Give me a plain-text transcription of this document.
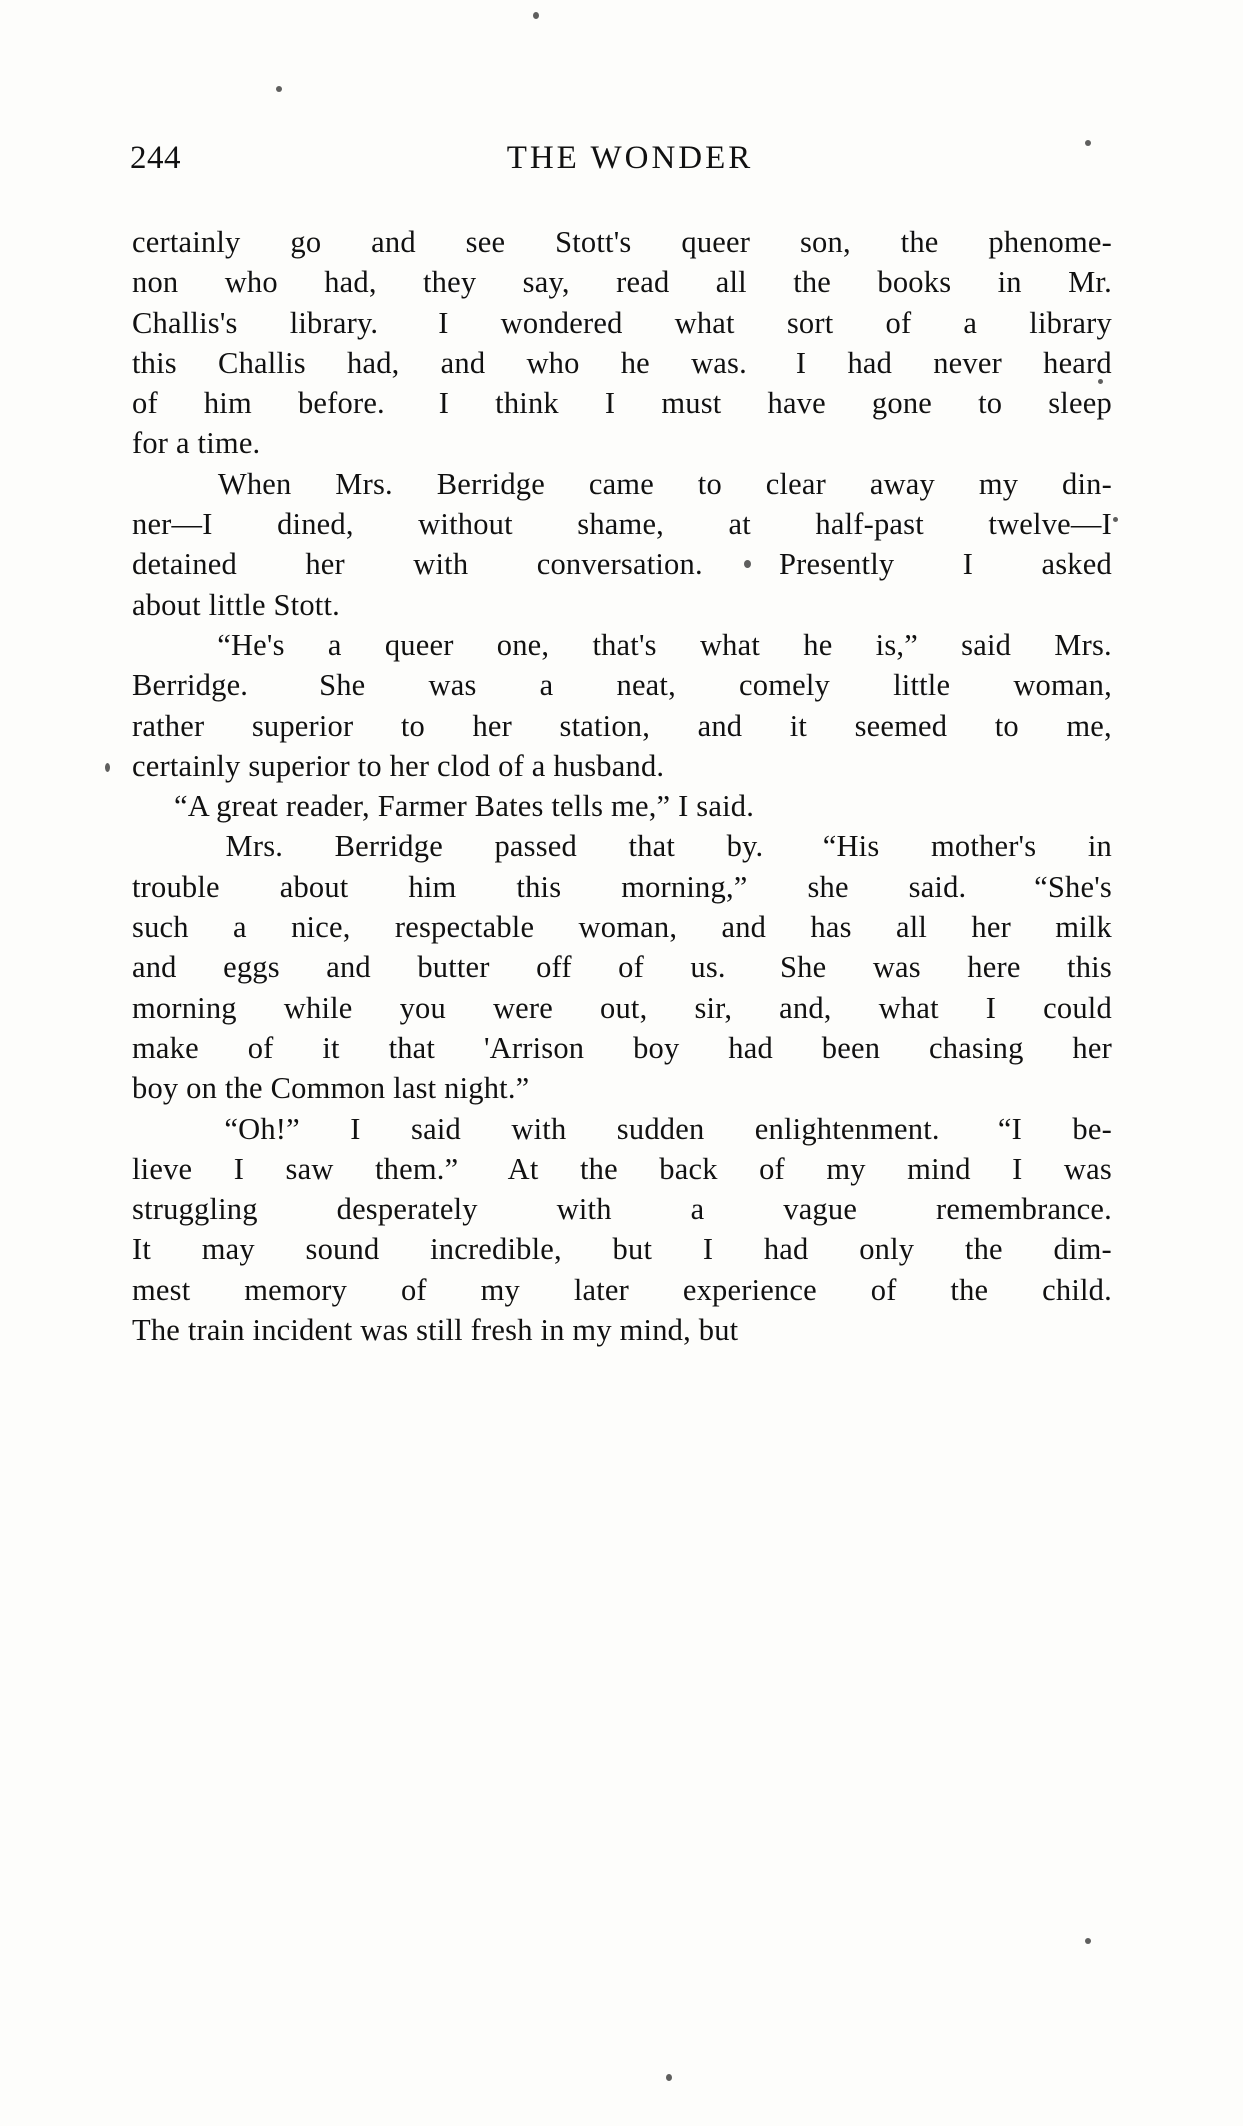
244	THE WONDER
certainly go and see Stott's queer son, the phenome-
non who had, they say, read all the books in Mr.
Challis's library. I wondered what sort of a library
this Challis had, and who he was. I had never heard
of him before. I think I must have gone to sleep
for a time.
When Mrs. Berridge came to clear away my din-
ner—I dined, without shame, at half-past twelve—I
detained her with conversation. Presently I asked
about little Stott.
“He's a queer one, that's what he is,” said Mrs.
Berridge. She was a neat, comely little woman,
rather superior to her station, and it seemed to me,
certainly superior to her clod of a husband.
“A great reader, Farmer Bates tells me,” I said.
Mrs. Berridge passed that by. “His mother's in
trouble about him this morning,” she said. “She's
such a nice, respectable woman, and has all her milk
and eggs and butter off of us. She was here this
morning while you were out, sir, and, what I could
make of it that 'Arrison boy had been chasing her
boy on the Common last night.”
“Oh!” I said with sudden enlightenment. “I be-
lieve I saw them.” At the back of my mind I was
struggling	desperately	with	a	vague	remembrance.
It may sound incredible, but I had only the dim-
mest memory of my later experience of the child.
The train incident was still fresh in my mind, but
